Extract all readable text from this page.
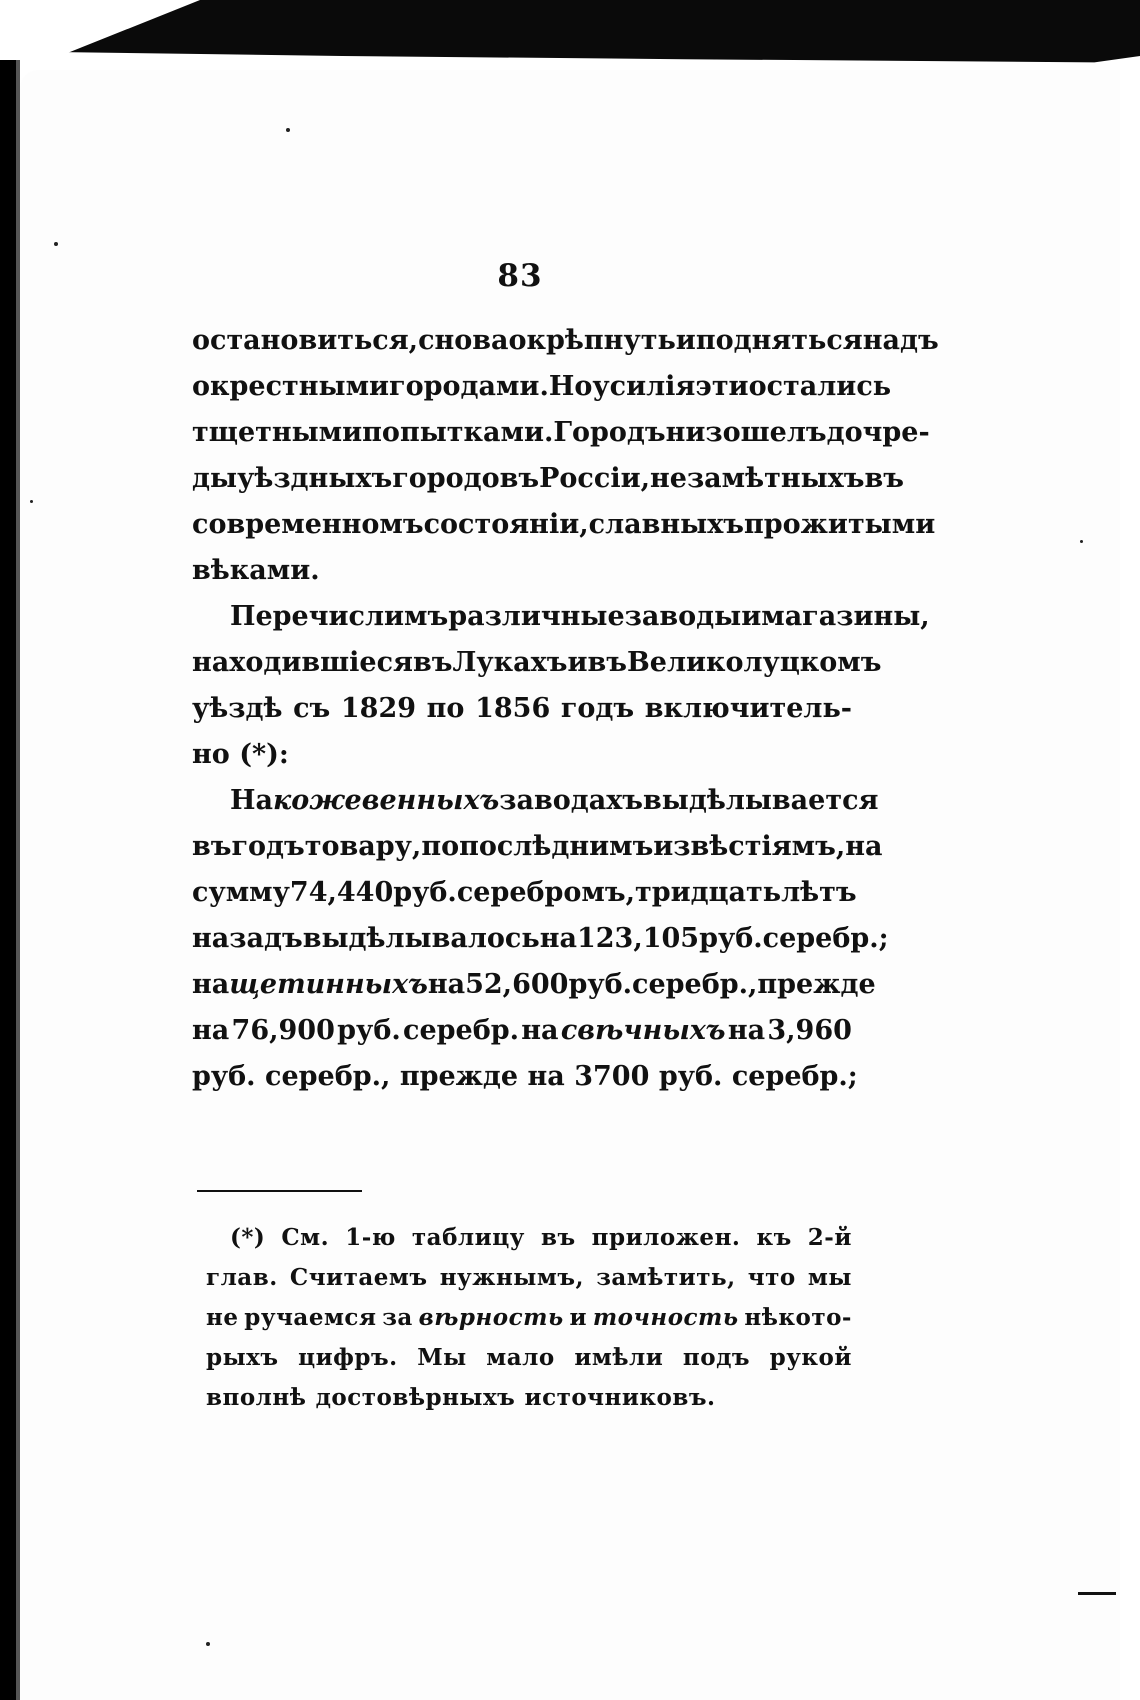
83
остановиться, снова окрѣпнуть и подняться надъ
окрестными городами. Но усилія эти остались
тщетными попытками. Городъ низошелъ до чре-
ды уѣздныхъ городовъ Россіи, не замѣтныхъ въ
современномъ состояніи, славныхъ прожитыми
вѣками.
Перечислимъ различные заводы и магазины,
находившіеся въ Лукахъ и въ Великолуцкомъ
уѣздѣ съ 1829 по 1856 годъ включитель-
но (*):
На кожевенныхъ заводахъ выдѣлывается
въ годъ товару, по послѣднимъ извѣстіямъ, на
сумму 74,440 руб. серебромъ, тридцать лѣтъ
назадъ выдѣлывалось на 123,105 руб. серебр.;
на щетинныхъ на 52,600 руб. серебр., прежде
на 76,900 руб. серебр. на свѣчныхъ на 3,960
руб. серебр., прежде на 3700 руб. серебр.;
(*) См. 1-ю таблицу въ приложен. къ 2-й
глав. Считаемъ нужнымъ, замѣтить, что мы
не ручаемся за вѣрность и точность нѣкото-
рыхъ цифръ. Мы мало имѣли подъ рукой
вполнѣ достовѣрныхъ источниковъ.
